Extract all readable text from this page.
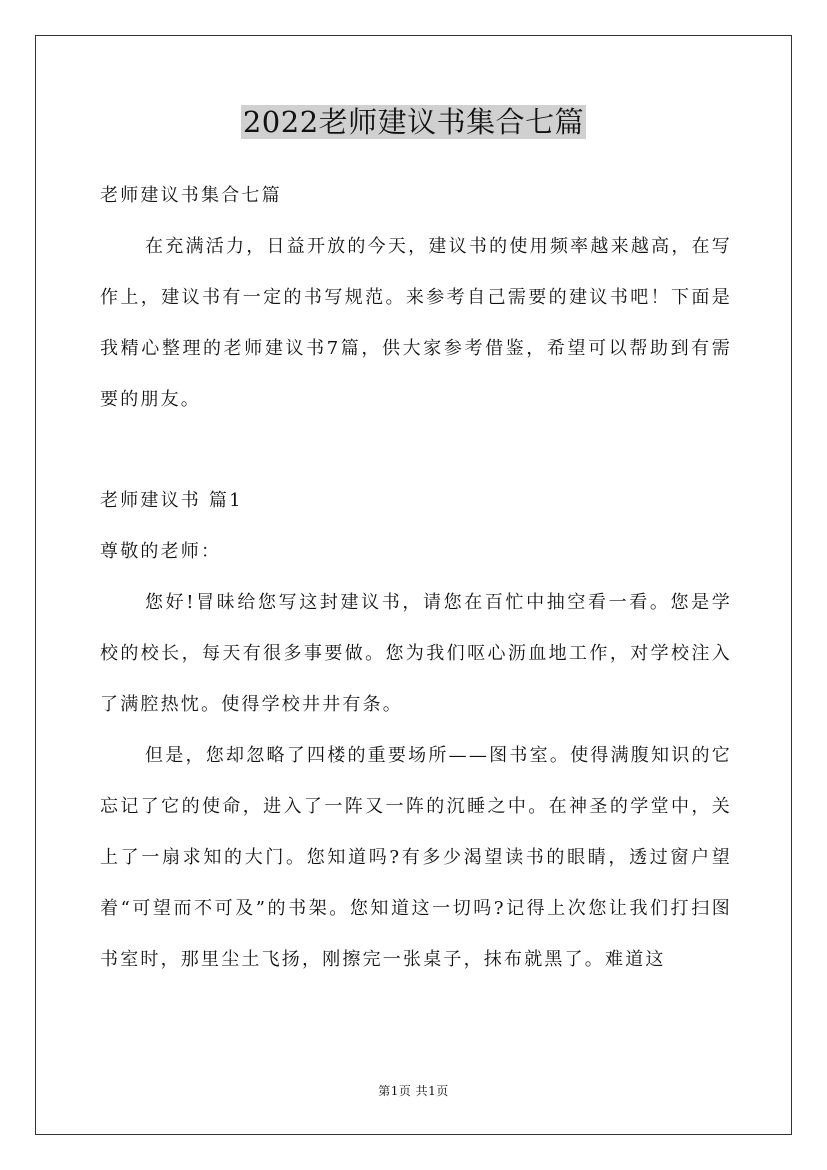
2022老师建议书集合七篇

老师建议书集合七篇

在充满活力，日益开放的今天，建议书的使用频率越来越高，在写作上，建议书有一定的书写规范。来参考自己需要的建议书吧！下面是我精心整理的老师建议书7篇，供大家参考借鉴，希望可以帮助到有需要的朋友。

老师建议书 篇1

尊敬的老师：

您好!冒昧给您写这封建议书，请您在百忙中抽空看一看。您是学校的校长，每天有很多事要做。您为我们呕心沥血地工作，对学校注入了满腔热忱。使得学校井井有条。

但是，您却忽略了四楼的重要场所——图书室。使得满腹知识的它忘记了它的使命，进入了一阵又一阵的沉睡之中。在神圣的学堂中，关上了一扇求知的大门。您知道吗?有多少渴望读书的眼睛，透过窗户望着“可望而不可及”的书架。您知道这一切吗?记得上次您让我们打扫图书室时，那里尘土飞扬，刚擦完一张桌子，抹布就黑了。难道这

第1页 共1页
